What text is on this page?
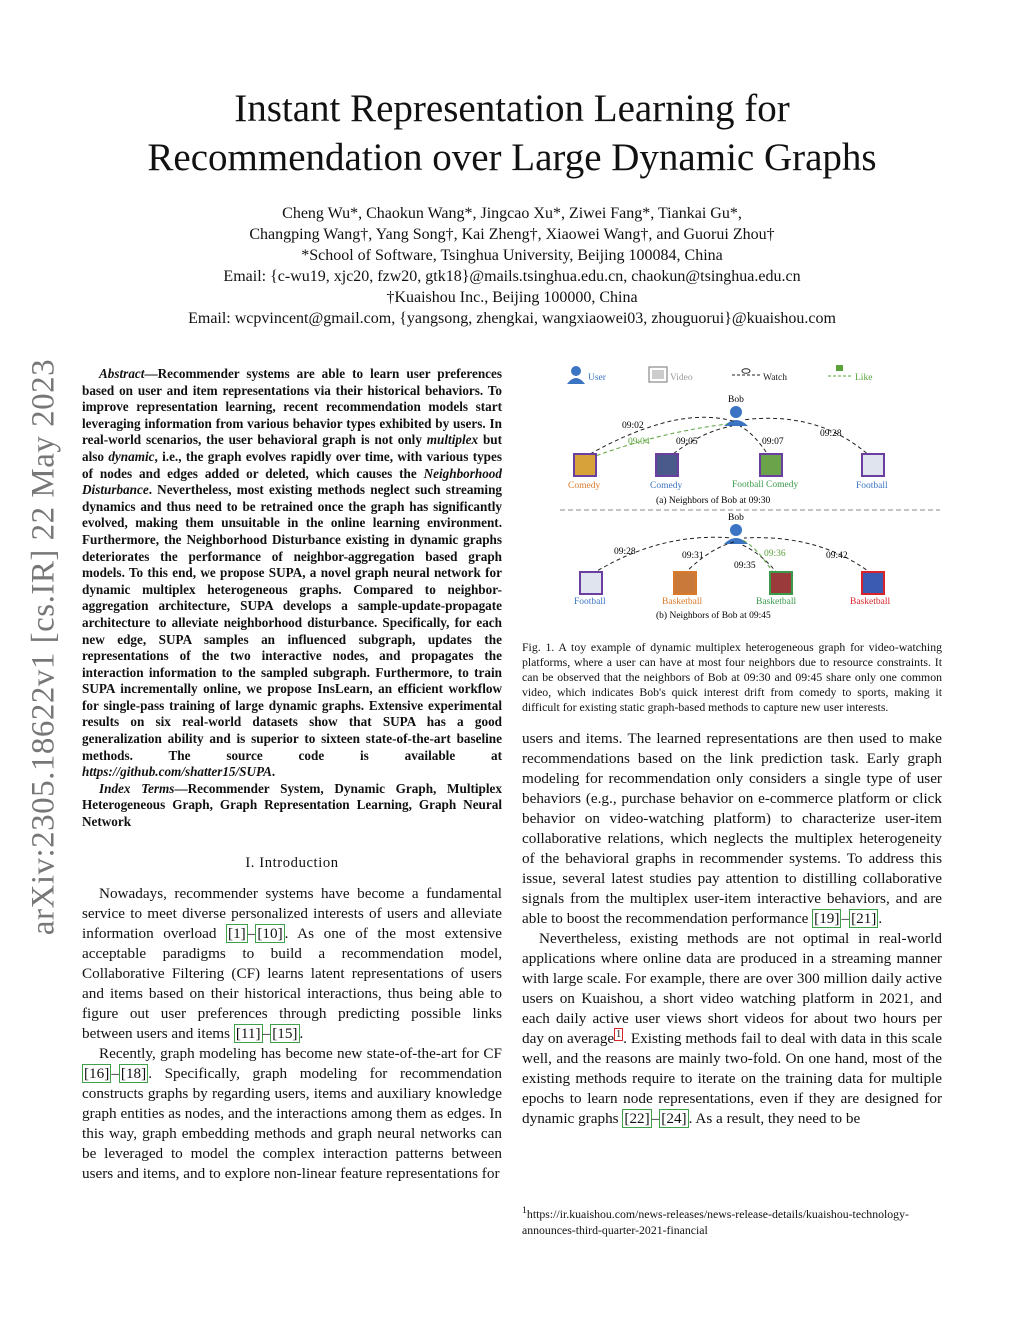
arXiv:2305.18622v1 [cs.IR] 22 May 2023
Instant Representation Learning for
Recommendation over Large Dynamic Graphs
Cheng Wu*, Chaokun Wang*, Jingcao Xu*, Ziwei Fang*, Tiankai Gu*,
Changping Wang†, Yang Song†, Kai Zheng†, Xiaowei Wang†, and Guorui Zhou†
*School of Software, Tsinghua University, Beijing 100084, China
Email: {c-wu19, xjc20, fzw20, gtk18}@mails.tsinghua.edu.cn, chaokun@tsinghua.edu.cn
†Kuaishou Inc., Beijing 100000, China
Email: wcpvincent@gmail.com, {yangsong, zhengkai, wangxiaowei03, zhouguorui}@kuaishou.com

Abstract—Recommender systems are able to learn user preferences based on user and item representations via their historical behaviors. To improve representation learning, recent recommendation models start leveraging information from various behavior types exhibited by users. In real-world scenarios, the user behavioral graph is not only multiplex but also dynamic, i.e., the graph evolves rapidly over time, with various types of nodes and edges added or deleted, which causes the Neighborhood Disturbance. Nevertheless, most existing methods neglect such streaming dynamics and thus need to be retrained once the graph has significantly evolved, making them unsuitable in the online learning environment. Furthermore, the Neighborhood Disturbance existing in dynamic graphs deteriorates the performance of neighbor-aggregation based graph models. To this end, we propose SUPA, a novel graph neural network for dynamic multiplex heterogeneous graphs. Compared to neighbor-aggregation architecture, SUPA develops a sample-update-propagate architecture to alleviate neighborhood disturbance. Specifically, for each new edge, SUPA samples an influenced subgraph, updates the representations of the two interactive nodes, and propagates the interaction information to the sampled subgraph. Furthermore, to train SUPA incrementally online, we propose InsLearn, an efficient workflow for single-pass training of large dynamic graphs. Extensive experimental results on six real-world datasets show that SUPA has a good generalization ability and is superior to sixteen state-of-the-art baseline methods. The source code is available at https://github.com/shatter15/SUPA.

Index Terms—Recommender System, Dynamic Graph, Multiplex Heterogeneous Graph, Graph Representation Learning, Graph Neural Network

I. Introduction

Nowadays, recommender systems have become a fundamental service to meet diverse personalized interests of users and alleviate information overload [1] – [10] . As one of the most extensive acceptable paradigms to build a recommendation model, Collaborative Filtering (CF) learns latent representations of users and items based on their historical interactions, thus being able to figure out user preferences through predicting possible links between users and items [11] – [15] .

Recently, graph modeling has become new state-of-the-art for CF [16] – [18] . Specifically, graph modeling for recommendation constructs graphs by regarding users, items and auxiliary knowledge graph entities as nodes, and the interactions among them as edges. In this way, graph embedding methods and graph neural networks can be leveraged to model the complex interaction patterns between users and items, and to explore non-linear feature representations for

User	Video	Watch	Like
Bob
09:02
09:04	09:05	09:07
09:28
Comedy	Comedy	Football Comedy	Football
(a) Neighbors of Bob at 09:30
Bob
09:28	09:31	09:36
09:35
09:42
Football	Basketball	Basketball	Basketball
(b) Neighbors of Bob at 09:45

Fig. 1. A toy example of dynamic multiplex heterogeneous graph for video-watching platforms, where a user can have at most four neighbors due to resource constraints. It can be observed that the neighbors of Bob at 09:30 and 09:45 share only one common video, which indicates Bob's quick interest drift from comedy to sports, making it difficult for existing static graph-based methods to capture new user interests.

users and items. The learned representations are then used to make recommendations based on the link prediction task. Early graph modeling for recommendation only considers a single type of user behaviors (e.g., purchase behavior on e-commerce platform or click behavior on video-watching platform) to characterize user-item collaborative relations, which neglects the multiplex heterogeneity of the behavioral graphs in recommender systems. To address this issue, several latest studies pay attention to distilling collaborative signals from the multiplex user-item interactive behaviors, and are able to boost the recommendation performance [19] – [21] .

Nevertheless, existing methods are not optimal in real-world applications where online data are produced in a streaming manner with large scale. For example, there are over 300 million daily active users on Kuaishou, a short video watching platform in 2021, and each daily active user views short videos for about two hours per day on average $^1$ . Existing methods fail to deal with data in this scale well, and the reasons are mainly two-fold. On one hand, most of the existing methods require to iterate on the training data for multiple epochs to learn node representations, even if they are designed for dynamic graphs [22] – [24] . As a result, they need to be

$^1$https://ir.kuaishou.com/news-releases/news-release-details/kuaishou-technology-announces-third-quarter-2021-financial
